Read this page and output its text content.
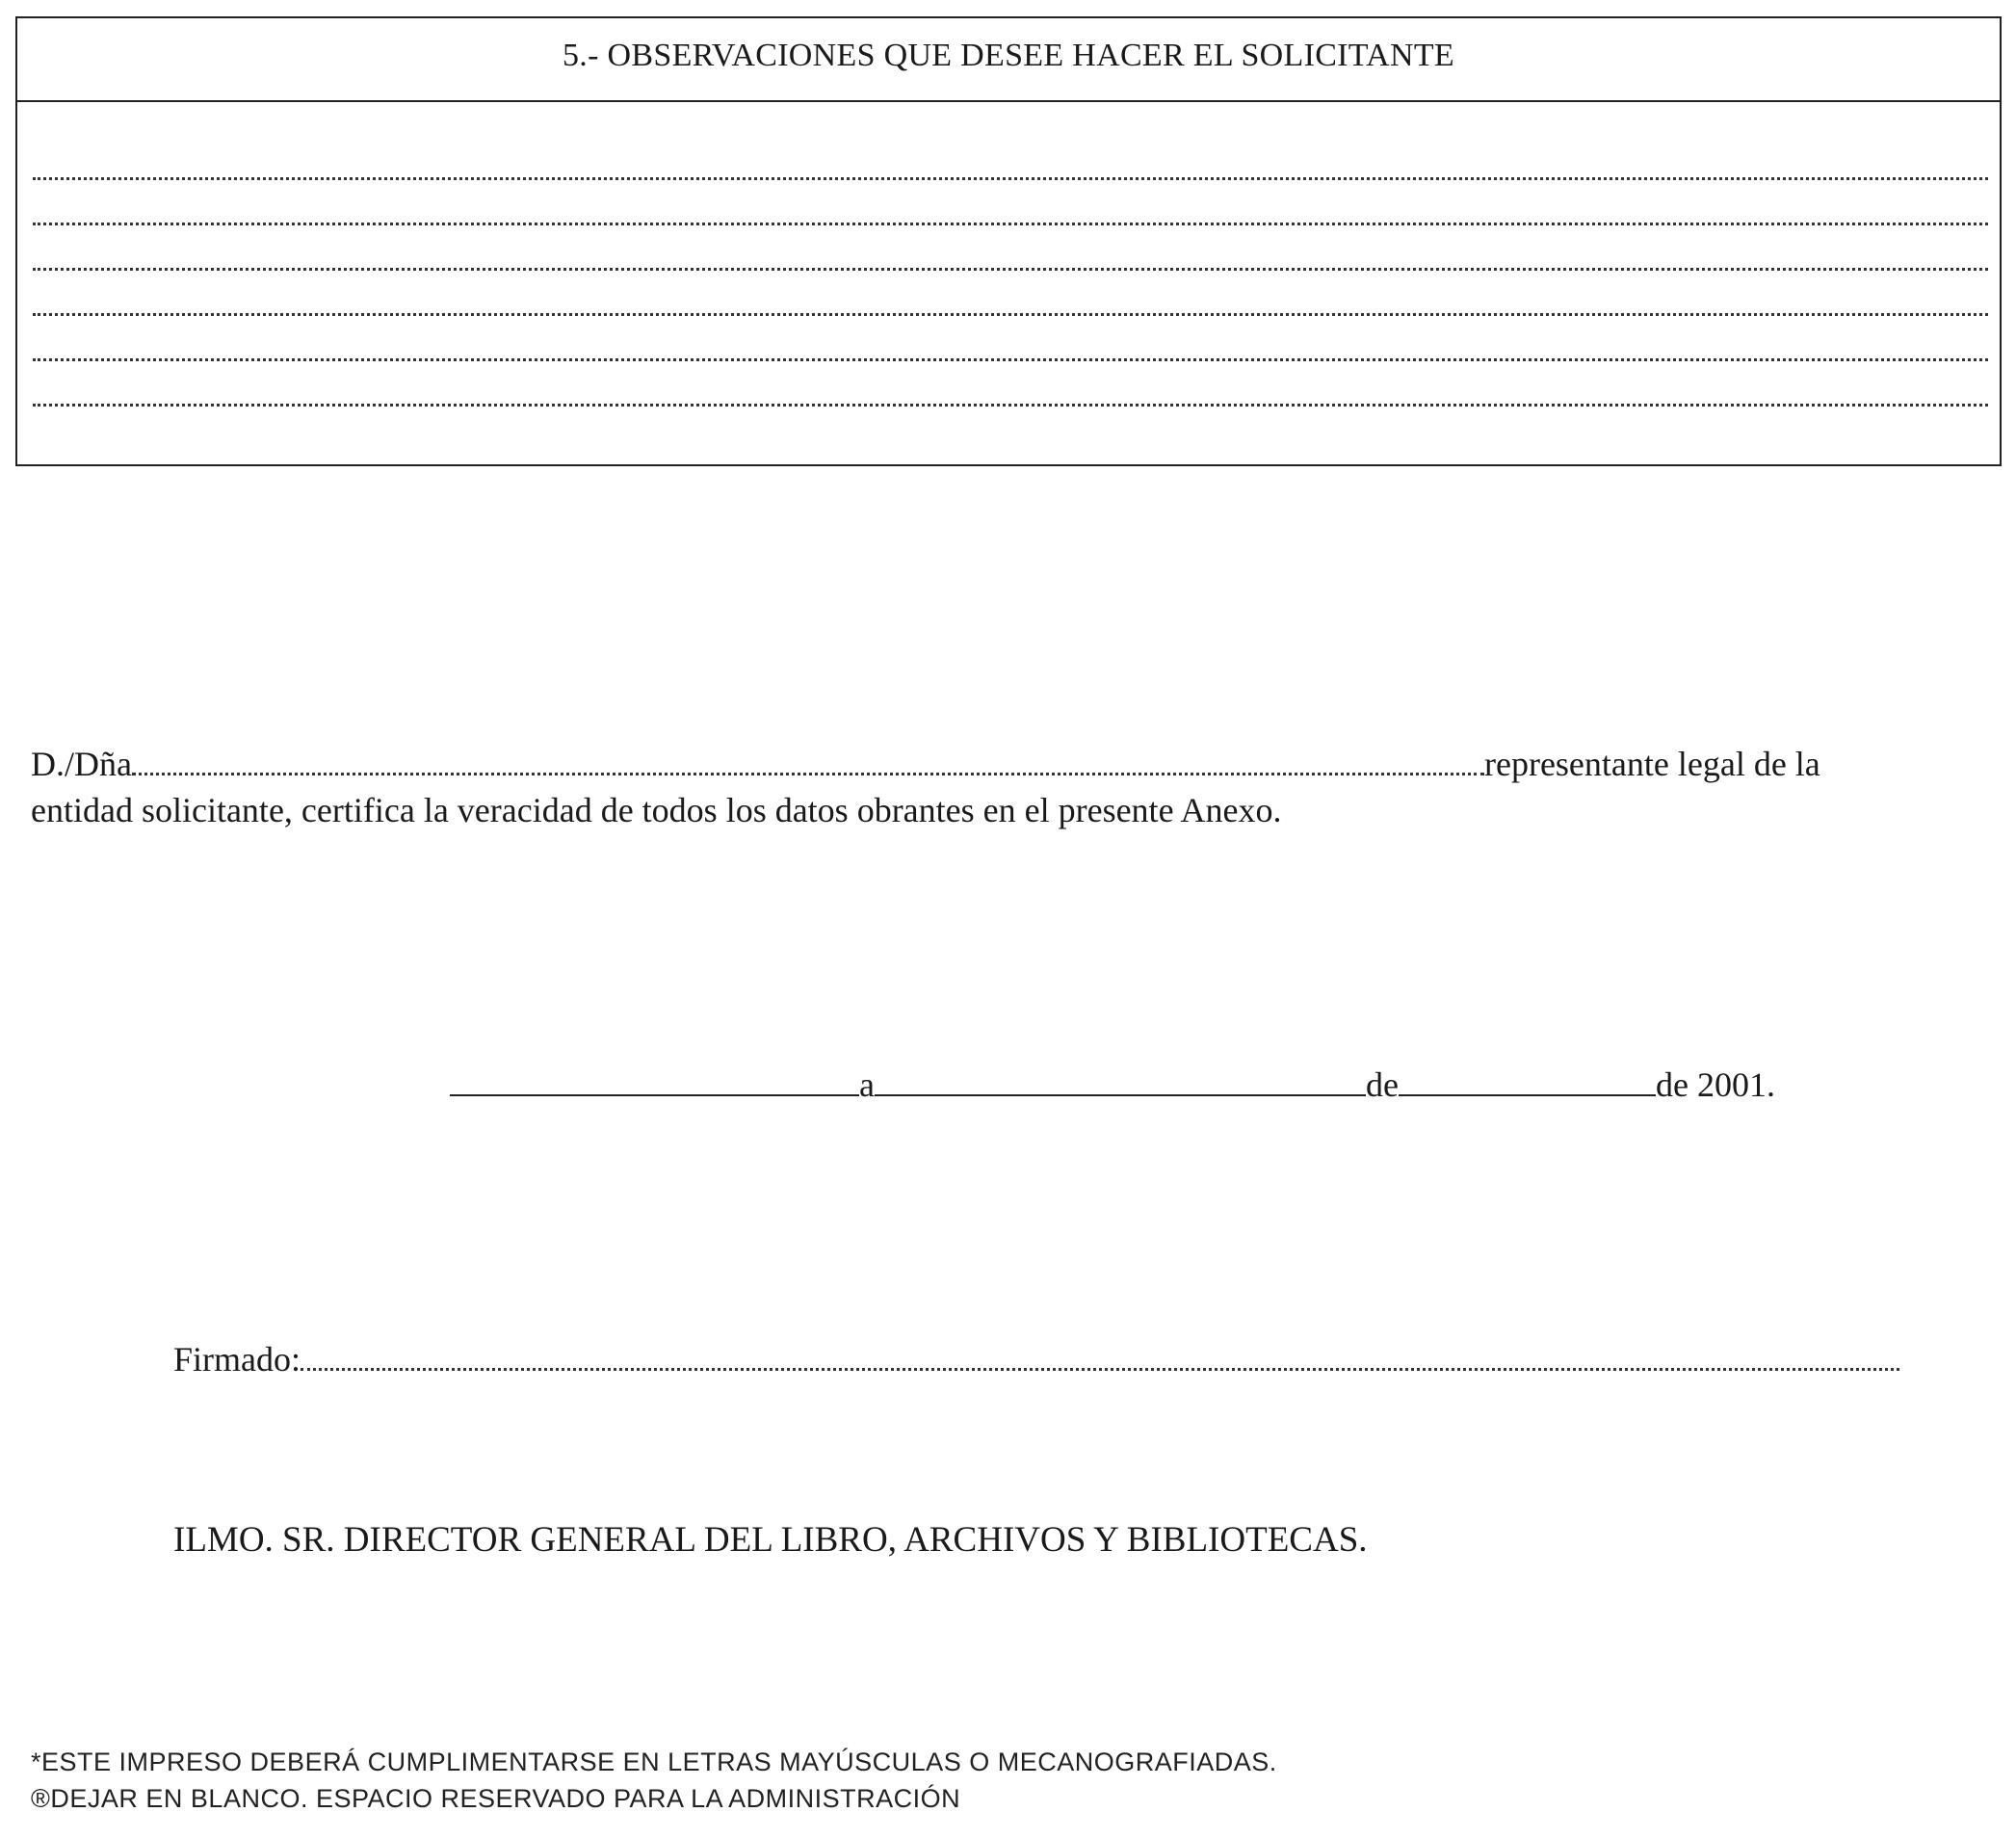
5.- OBSERVACIONES QUE DESEE HACER EL SOLICITANTE
D./Dña	representante legal de la
entidad solicitante, certifica la veracidad de todos los datos obrantes en el presente Anexo.
a	de	de 2001.
Firmado:
ILMO. SR. DIRECTOR GENERAL DEL LIBRO, ARCHIVOS Y BIBLIOTECAS.
*ESTE IMPRESO DEBERÁ CUMPLIMENTARSE EN LETRAS MAYÚSCULAS O MECANOGRAFIADAS.
®DEJAR EN BLANCO. ESPACIO RESERVADO PARA LA ADMINISTRACIÓN
